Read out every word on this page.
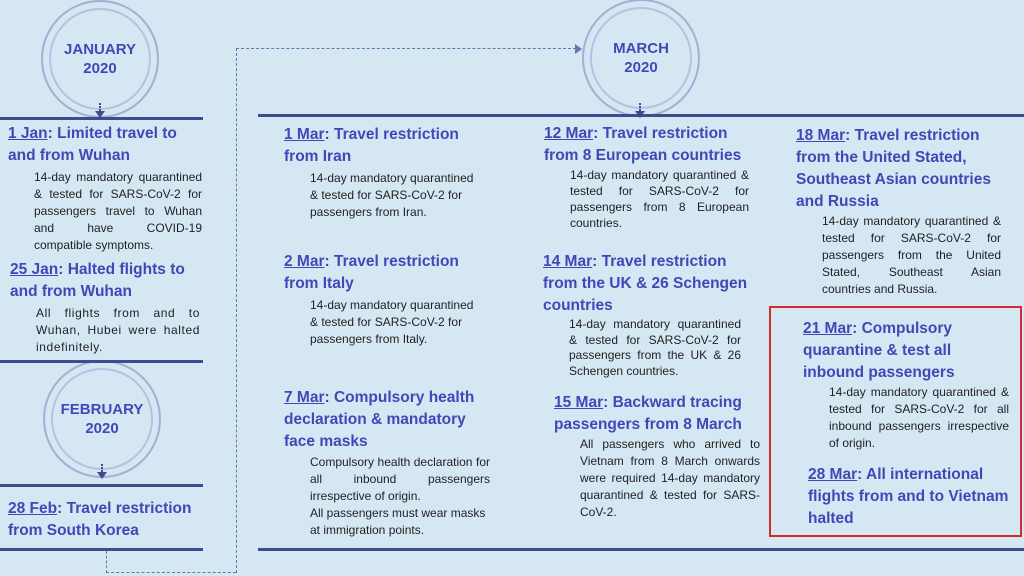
JANUARY
2020
FEBRUARY
2020
MARCH
2020
1 Jan: Limited travel to and from Wuhan
14-day mandatory quarantined & tested for SARS-CoV-2 for passengers travel to Wuhan and have COVID-19 compatible symptoms.
25 Jan: Halted flights to and from Wuhan
All flights from and to Wuhan, Hubei were halted indefinitely.
28 Feb: Travel restriction from South Korea
1 Mar: Travel restriction from Iran
14-day mandatory quarantined & tested for SARS-CoV-2 for passengers from Iran.
2 Mar: Travel restriction from Italy
14-day mandatory quarantined & tested for SARS-CoV-2 for passengers from Italy.
7 Mar: Compulsory health declaration & mandatory face masks
Compulsory health declaration for all inbound passengers irrespective of origin.
All passengers must wear masks at immigration points.
12 Mar: Travel restriction from 8 European countries
14-day mandatory quarantined & tested for SARS-CoV-2 for passengers from 8 European countries.
14 Mar: Travel restriction from the UK & 26 Schengen countries
14-day mandatory quarantined & tested for SARS-CoV-2 for passengers from the UK & 26 Schengen countries.
15 Mar: Backward tracing passengers from 8 March
All passengers who arrived to Vietnam from 8 March onwards were required 14-day mandatory quarantined & tested for SARS-CoV-2.
18 Mar: Travel restriction from the United Stated, Southeast Asian countries and Russia
14-day mandatory quarantined & tested for SARS-CoV-2 for passengers from the United Stated, Southeast Asian countries and Russia.
21 Mar: Compulsory quarantine & test all inbound passengers
14-day mandatory quarantined & tested for SARS-CoV-2 for all inbound passengers irrespective of origin.
28 Mar: All international flights from and to Vietnam halted
